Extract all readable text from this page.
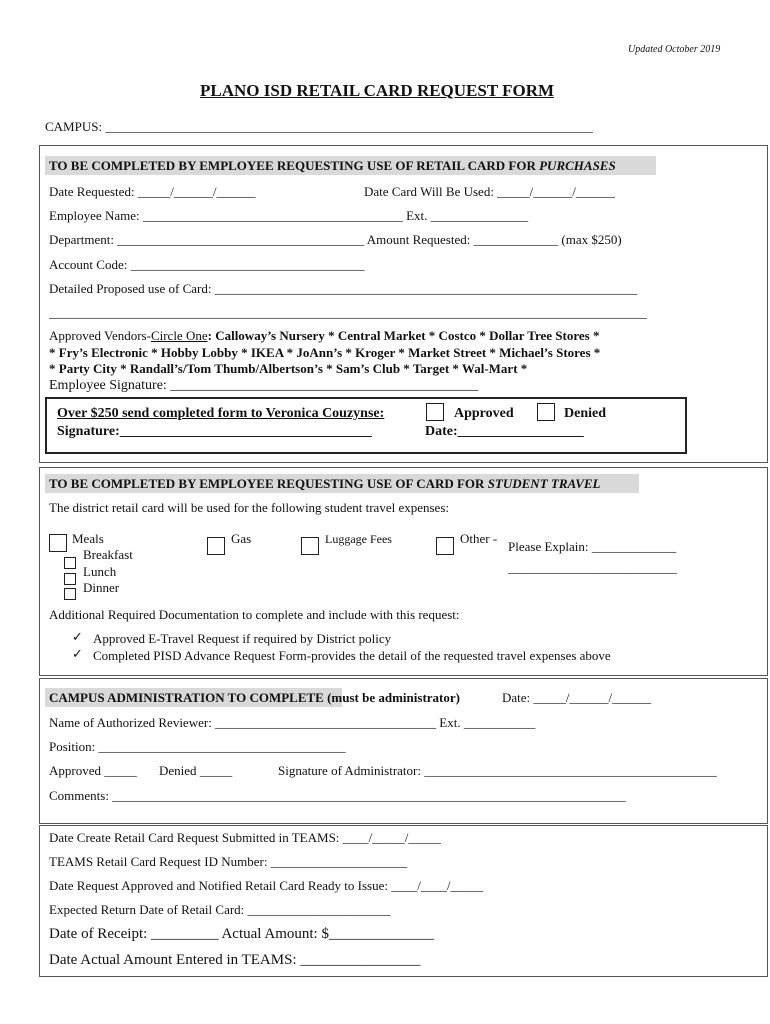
Updated October 2019
PLANO ISD RETAIL CARD REQUEST FORM
CAMPUS: ___________________________________________________________________________
TO BE COMPLETED BY EMPLOYEE REQUESTING USE OF RETAIL CARD FOR PURCHASES
Date Requested: _____/______/______	Date Card Will Be Used: _____/______/______
Employee Name: ________________________________________ Ext. _______________
Department: ______________________________________ Amount Requested: _____________ (max $250)
Account Code: ____________________________________
Detailed Proposed use of Card: _________________________________________________________________
____________________________________________________________________________________________
Approved Vendors-Circle One: Calloway’s Nursery * Central Market * Costco * Dollar Tree Stores *
* Fry’s Electronic * Hobby Lobby * IKEA * JoAnn’s * Kroger * Market Street * Michael’s Stores *
* Party City * Randall’s/Tom Thumb/Albertson’s * Sam’s Club * Target * Wal-Mart *
Employee Signature: ____________________________________________
Over $250 send completed form to Veronica Couzynse:	Approved	Denied
Signature:____________________________________	Date:__________________
TO BE COMPLETED BY EMPLOYEE REQUESTING USE OF CARD FOR STUDENT TRAVEL
The district retail card will be used for the following student travel expenses:
Meals
Breakfast
Lunch
Dinner
Gas	Luggage Fees	Other -
Please Explain: _____________
__________________________
Additional Required Documentation to complete and include with this request:
✓ Approved E-Travel Request if required by District policy
✓ Completed PISD Advance Request Form-provides the detail of the requested travel expenses above
CAMPUS ADMINISTRATION TO COMPLETE (must be administrator)	Date: _____/______/______
Name of Authorized Reviewer: __________________________________ Ext. ___________
Position: ______________________________________
Approved _____ Denied _____	Signature of Administrator: _____________________________________________
Comments: _______________________________________________________________________________
Date Create Retail Card Request Submitted in TEAMS: ____/_____/_____
TEAMS Retail Card Request ID Number: _____________________
Date Request Approved and Notified Retail Card Ready to Issue: ____/____/_____
Expected Return Date of Retail Card: ______________________
Date of Receipt: _________ Actual Amount: $______________
Date Actual Amount Entered in TEAMS: ________________
